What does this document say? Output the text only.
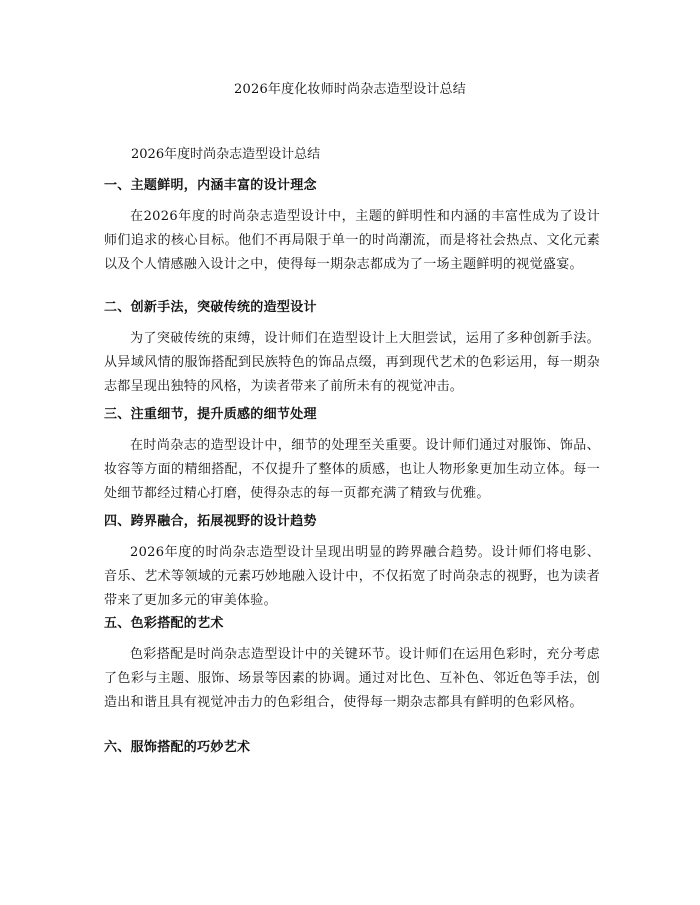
2026年度化妆师时尚杂志造型设计总结
2026年度时尚杂志造型设计总结
一、主题鲜明，内涵丰富的设计理念

在2026年度的时尚杂志造型设计中，主题的鲜明性和内涵的丰富性成为了设计师们追求的核心目标。他们不再局限于单一的时尚潮流，而是将社会热点、文化元素以及个人情感融入设计之中，使得每一期杂志都成为了一场主题鲜明的视觉盛宴。

二、创新手法，突破传统的造型设计

为了突破传统的束缚，设计师们在造型设计上大胆尝试，运用了多种创新手法。从异域风情的服饰搭配到民族特色的饰品点缀，再到现代艺术的色彩运用，每一期杂志都呈现出独特的风格，为读者带来了前所未有的视觉冲击。

三、注重细节，提升质感的细节处理

在时尚杂志的造型设计中，细节的处理至关重要。设计师们通过对服饰、饰品、妆容等方面的精细搭配，不仅提升了整体的质感，也让人物形象更加生动立体。每一处细节都经过精心打磨，使得杂志的每一页都充满了精致与优雅。

四、跨界融合，拓展视野的设计趋势

2026年度的时尚杂志造型设计呈现出明显的跨界融合趋势。设计师们将电影、音乐、艺术等领域的元素巧妙地融入设计中，不仅拓宽了时尚杂志的视野，也为读者带来了更加多元的审美体验。

五、色彩搭配的艺术

色彩搭配是时尚杂志造型设计中的关键环节。设计师们在运用色彩时，充分考虑了色彩与主题、服饰、场景等因素的协调。通过对比色、互补色、邻近色等手法，创造出和谐且具有视觉冲击力的色彩组合，使得每一期杂志都具有鲜明的色彩风格。

六、服饰搭配的巧妙艺术
